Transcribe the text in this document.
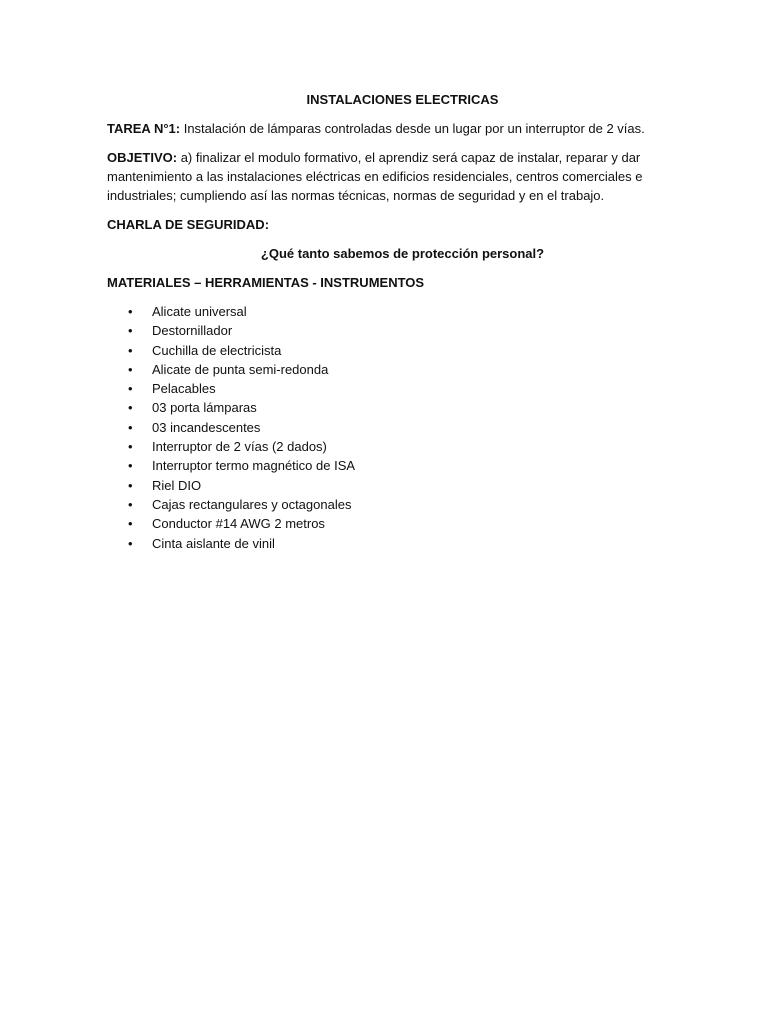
INSTALACIONES ELECTRICAS
TAREA N°1: Instalación de lámparas controladas desde un lugar por un interruptor de 2 vías.
OBJETIVO: a) finalizar el modulo formativo, el aprendiz será capaz de instalar, reparar y dar mantenimiento a las instalaciones eléctricas en edificios residenciales, centros comerciales e industriales; cumpliendo así las normas técnicas, normas de seguridad y en el trabajo.
CHARLA DE SEGURIDAD:
¿Qué tanto sabemos de protección personal?
MATERIALES – HERRAMIENTAS - INSTRUMENTOS
• Alicate universal
• Destornillador
• Cuchilla de electricista
• Alicate de punta semi-redonda
• Pelacables
• 03 porta lámparas
• 03 incandescentes
• Interruptor de 2 vías (2 dados)
• Interruptor termo magnético de ISA
• Riel DIO
• Cajas rectangulares y octagonales
• Conductor #14 AWG 2 metros
• Cinta aislante de vinil
